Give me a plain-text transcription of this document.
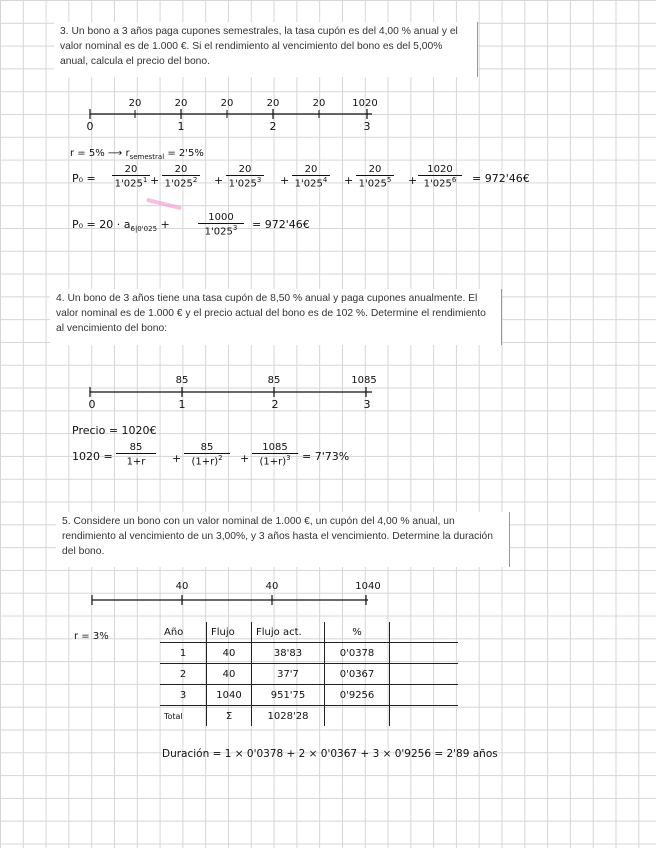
3. Un bono a 3 años paga cupones semestrales, la tasa cupón es del 4,00 % anual y el valor nominal es de 1.000 €. Si el rendimiento al vencimiento del bono es del 5,00% anual, calcula el precio del bono.
0	1	2	3
20	20	20	20	20	1020
r = 5% ⟶ $r_{semestral} = 2'5\%$
$P_0 = \frac{20}{1'025^1} + \frac{20}{1'025^2} + \frac{20}{1'025^3} + \frac{20}{1'025^4} + \frac{20}{1'025^5} + \frac{1020}{1'025^6}$ = 972'46€
$P_0 = 20 \cdot a_{6|0'025}$ +	$\frac{1000}{1'025^3}$ = 972'46€
4. Un bono de 3 años tiene una tasa cupón de 8,50 % anual y paga cupones anualmente. El valor nominal es de 1.000 € y el precio actual del bono es de 102 %. Determine el rendimiento al vencimiento del bono:
0	1	2	3
85	85	1085
Precio = 1020€
$1020 = \frac{85}{1+r} + \frac{85}{(1+r)^2} + \frac{1085}{(1+r)^3} = 7'73\%$
5. Considere un bono con un valor nominal de 1.000 €, un cupón del 4,00 % anual, un rendimiento al vencimiento de un 3,00%, y 3 años hasta el vencimiento. Determine la duración del bono.
40	40	1040
r = 3%	Año	Flujo	Flujo act.	%	
1	40	38'83	0'0378	
2	40	37'7	0'0367	
3	1040	951'75	0'9256	
Total	Σ	1028'28		
Duración = 1 × 0'0378 + 2 × 0'0367 + 3 × 0'9256 = 2'89 años
